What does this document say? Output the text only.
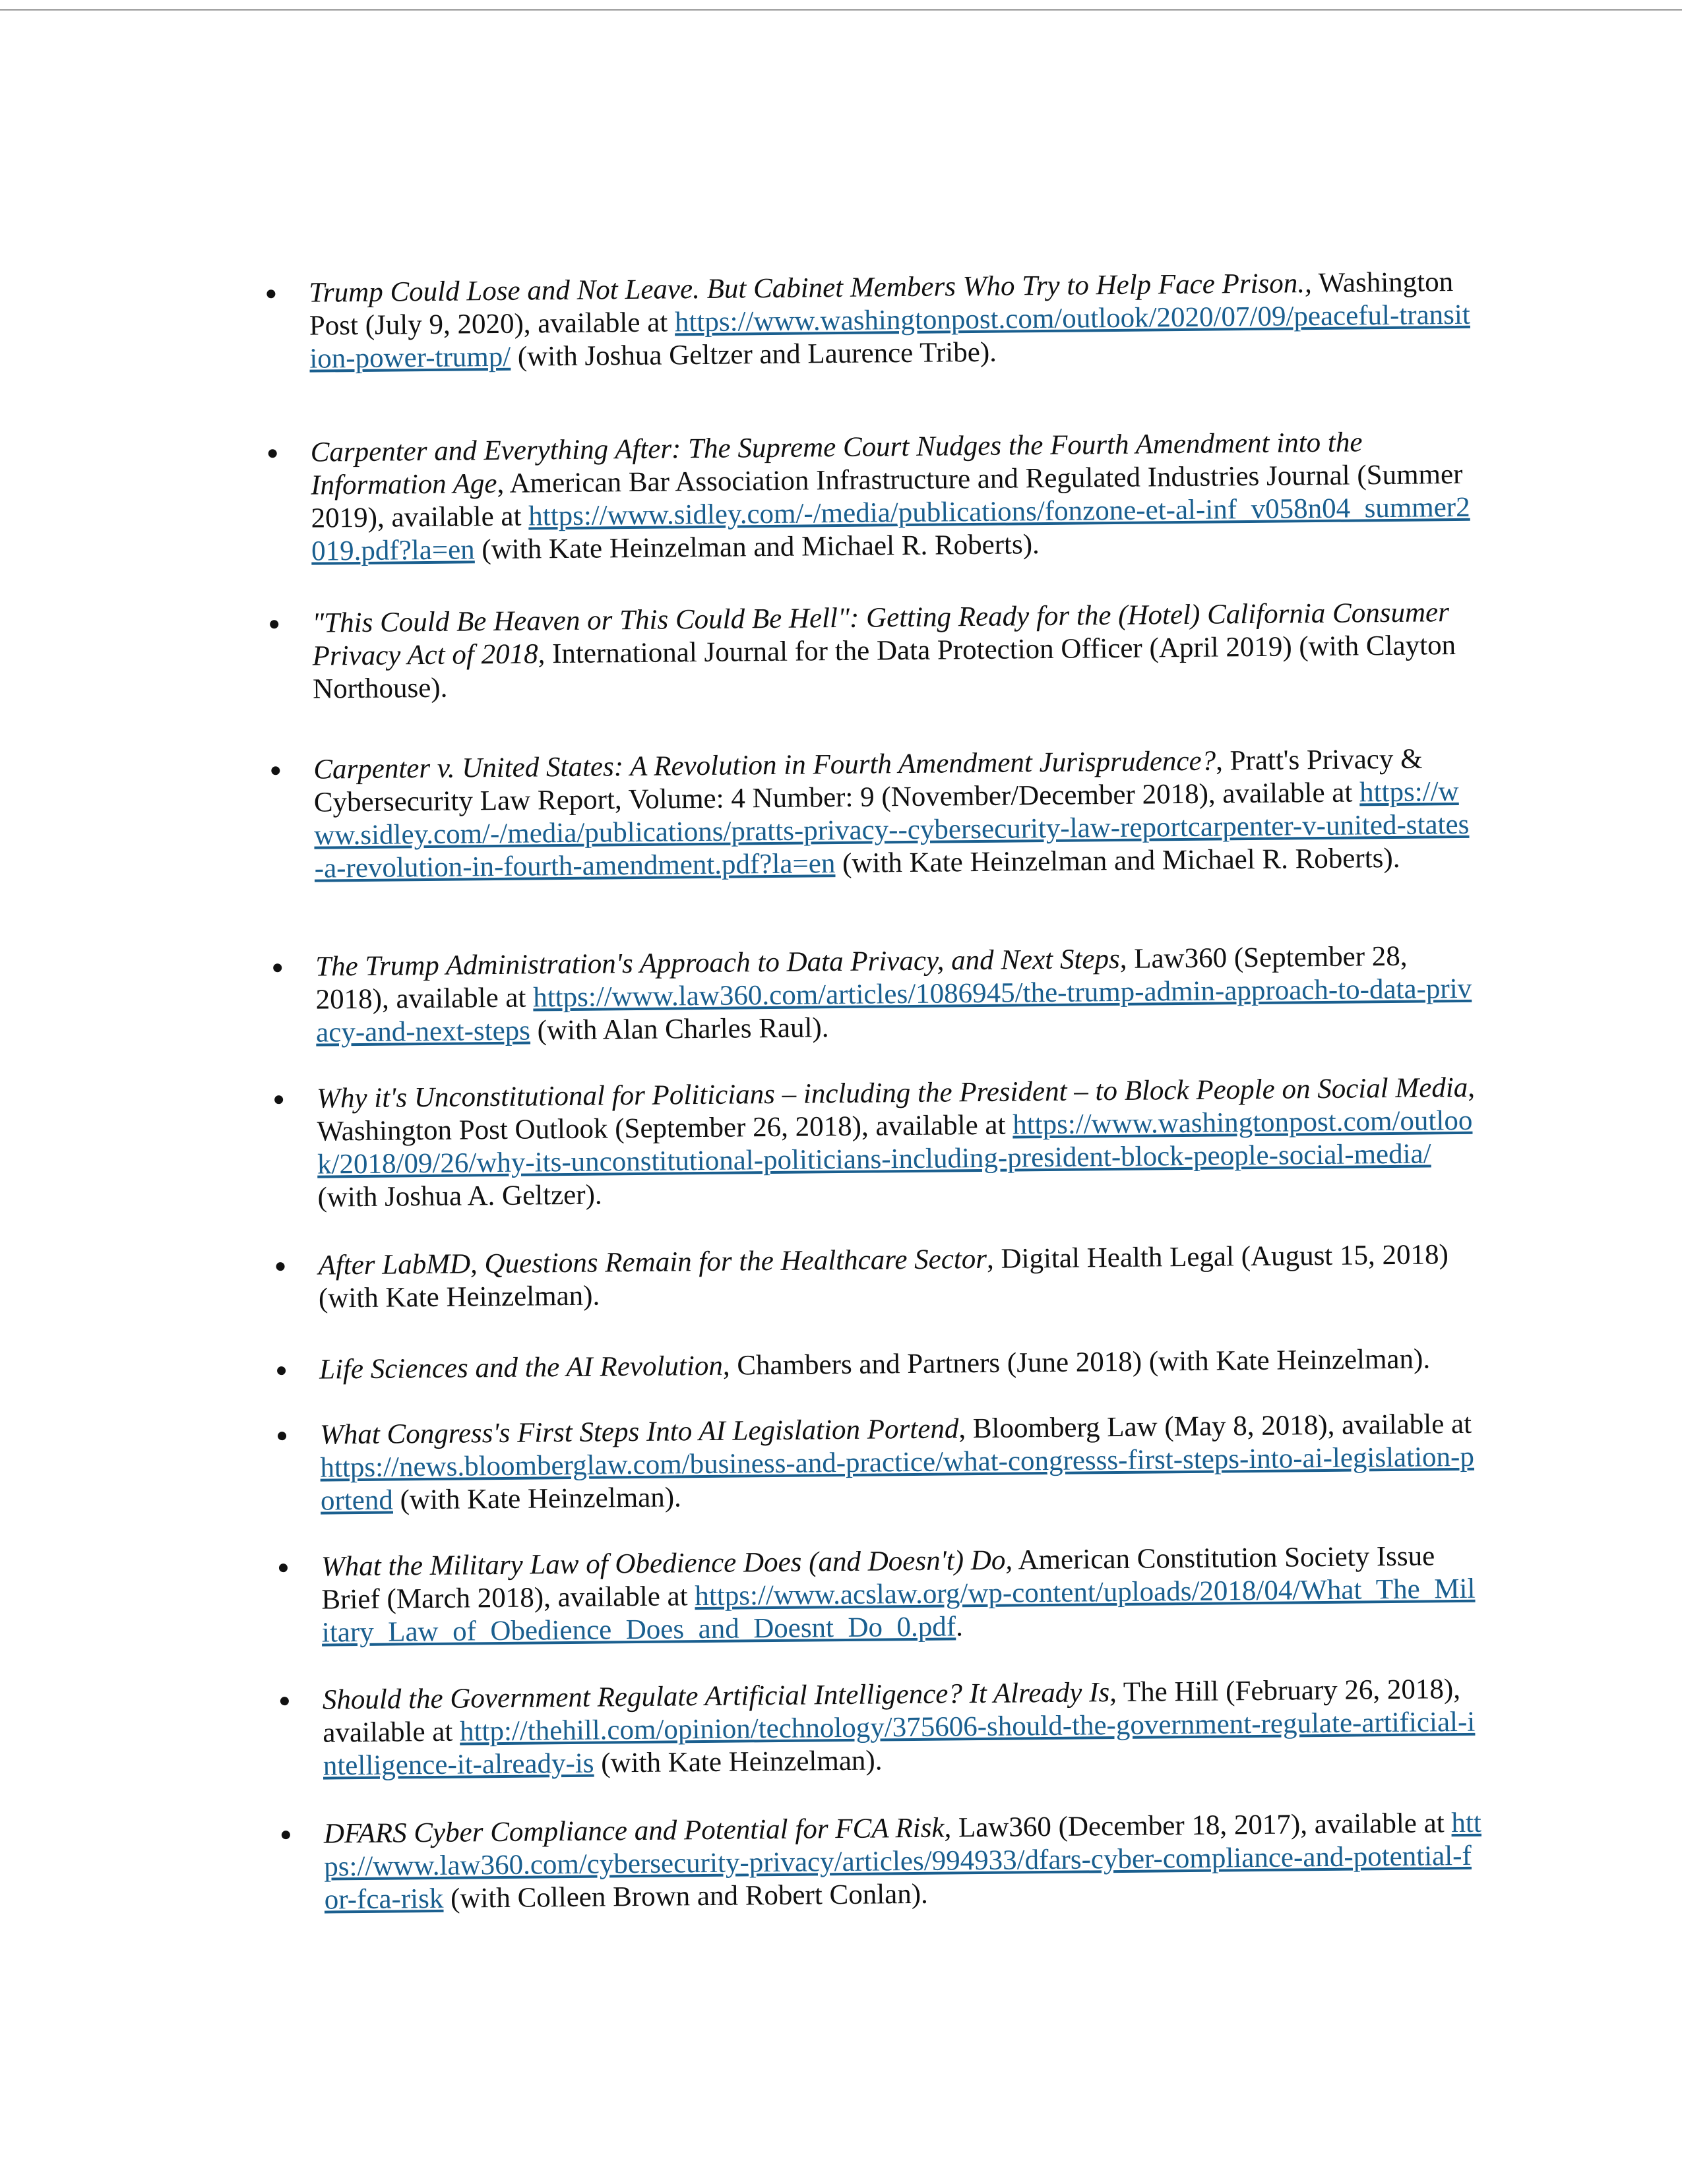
Trump Could Lose and Not Leave. But Cabinet Members Who Try to Help Face Prison., Washington Post (July 9, 2020), available at https://www.washingtonpost.com/outlook/2020/07/09/peaceful-transition-power-trump/ (with Joshua Geltzer and Laurence Tribe).
Carpenter and Everything After: The Supreme Court Nudges the Fourth Amendment into the Information Age, American Bar Association Infrastructure and Regulated Industries Journal (Summer 2019), available at https://www.sidley.com/-/media/publications/fonzone-et-al-inf_v058n04_summer2019.pdf?la=en (with Kate Heinzelman and Michael R. Roberts).
"This Could Be Heaven or This Could Be Hell": Getting Ready for the (Hotel) California Consumer Privacy Act of 2018, International Journal for the Data Protection Officer (April 2019) (with Clayton Northouse).
Carpenter v. United States: A Revolution in Fourth Amendment Jurisprudence?, Pratt's Privacy & Cybersecurity Law Report, Volume: 4 Number: 9 (November/December 2018), available at https://www.sidley.com/-/media/publications/pratts-privacy--cybersecurity-law-reportcarpenter-v-united-states-a-revolution-in-fourth-amendment.pdf?la=en (with Kate Heinzelman and Michael R. Roberts).
The Trump Administration's Approach to Data Privacy, and Next Steps, Law360 (September 28, 2018), available at https://www.law360.com/articles/1086945/the-trump-admin-approach-to-data-privacy-and-next-steps (with Alan Charles Raul).
Why it's Unconstitutional for Politicians – including the President – to Block People on Social Media, Washington Post Outlook (September 26, 2018), available at https://www.washingtonpost.com/outlook/2018/09/26/why-its-unconstitutional-politicians-including-president-block-people-social-media/ (with Joshua A. Geltzer).
After LabMD, Questions Remain for the Healthcare Sector, Digital Health Legal (August 15, 2018) (with Kate Heinzelman).
Life Sciences and the AI Revolution, Chambers and Partners (June 2018) (with Kate Heinzelman).
What Congress's First Steps Into AI Legislation Portend, Bloomberg Law (May 8, 2018), available at https://news.bloomberglaw.com/business-and-practice/what-congresss-first-steps-into-ai-legislation-portend (with Kate Heinzelman).
What the Military Law of Obedience Does (and Doesn't) Do, American Constitution Society Issue Brief (March 2018), available at https://www.acslaw.org/wp-content/uploads/2018/04/What_The_Military_Law_of_Obedience_Does_and_Doesnt_Do_0.pdf.
Should the Government Regulate Artificial Intelligence? It Already Is, The Hill (February 26, 2018), available at http://thehill.com/opinion/technology/375606-should-the-government-regulate-artificial-intelligence-it-already-is (with Kate Heinzelman).
DFARS Cyber Compliance and Potential for FCA Risk, Law360 (December 18, 2017), available at https://www.law360.com/cybersecurity-privacy/articles/994933/dfars-cyber-compliance-and-potential-for-fca-risk (with Colleen Brown and Robert Conlan).
